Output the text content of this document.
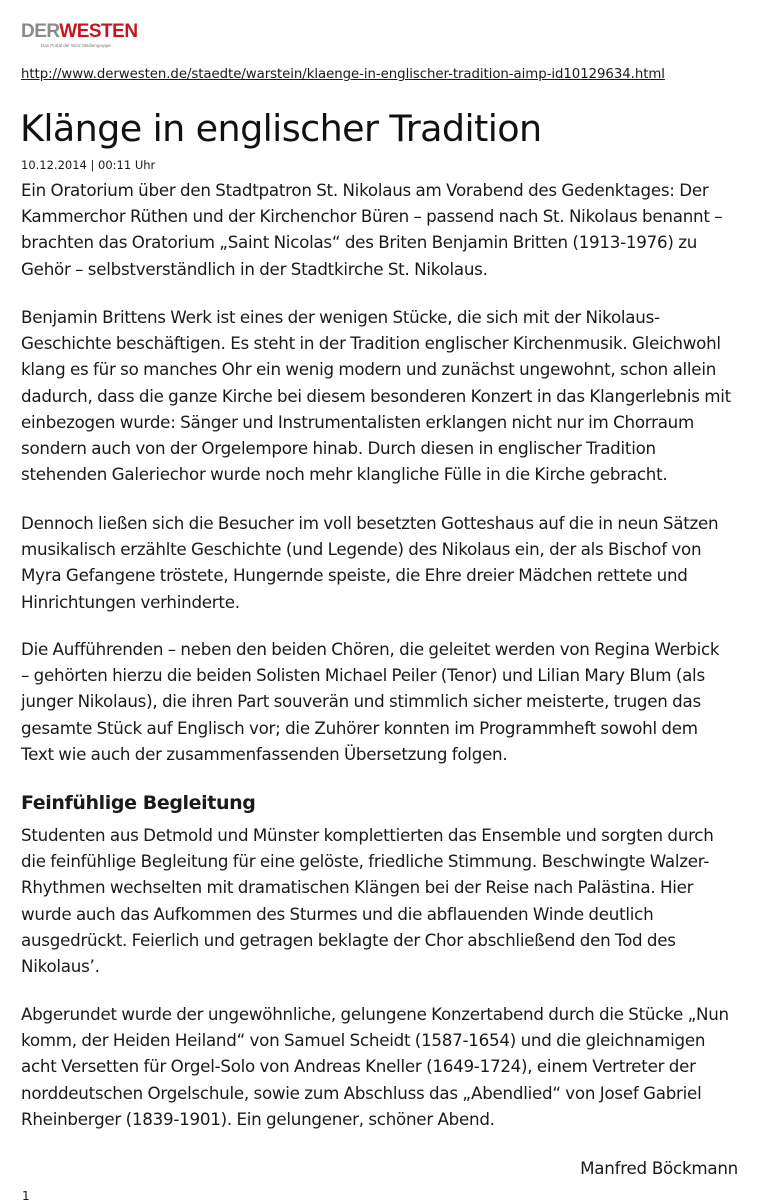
DERWESTEN
Das Portal der WAZ Mediengruppe
http://www.derwesten.de/staedte/warstein/klaenge-in-englischer-tradition-aimp-id10129634.html
Klänge in englischer Tradition
10.12.2014 | 00:11 Uhr

Ein Oratorium über den Stadtpatron St. Nikolaus am Vorabend des Gedenktages: Der
Kammerchor Rüthen und der Kirchenchor Büren – passend nach St. Nikolaus benannt –
brachten das Oratorium „Saint Nicolas“ des Briten Benjamin Britten (1913-1976) zu
Gehör – selbstverständlich in der Stadtkirche St. Nikolaus.

Benjamin Brittens Werk ist eines der wenigen Stücke, die sich mit der Nikolaus-
Geschichte beschäftigen. Es steht in der Tradition englischer Kirchenmusik. Gleichwohl
klang es für so manches Ohr ein wenig modern und zunächst ungewohnt, schon allein
dadurch, dass die ganze Kirche bei diesem besonderen Konzert in das Klangerlebnis mit
einbezogen wurde: Sänger und Instrumentalisten erklangen nicht nur im Chorraum
sondern auch von der Orgelempore hinab. Durch diesen in englischer Tradition
stehenden Galeriechor wurde noch mehr klangliche Fülle in die Kirche gebracht.

Dennoch ließen sich die Besucher im voll besetzten Gotteshaus auf die in neun Sätzen
musikalisch erzählte Geschichte (und Legende) des Nikolaus ein, der als Bischof von
Myra Gefangene tröstete, Hungernde speiste, die Ehre dreier Mädchen rettete und
Hinrichtungen verhinderte.

Die Aufführenden – neben den beiden Chören, die geleitet werden von Regina Werbick
– gehörten hierzu die beiden Solisten Michael Peiler (Tenor) und Lilian Mary Blum (als
junger Nikolaus), die ihren Part souverän und stimmlich sicher meisterte, trugen das
gesamte Stück auf Englisch vor; die Zuhörer konnten im Programmheft sowohl dem
Text wie auch der zusammenfassenden Übersetzung folgen.

Feinfühlige Begleitung

Studenten aus Detmold und Münster komplettierten das Ensemble und sorgten durch
die feinfühlige Begleitung für eine gelöste, friedliche Stimmung. Beschwingte Walzer-
Rhythmen wechselten mit dramatischen Klängen bei der Reise nach Palästina. Hier
wurde auch das Aufkommen des Sturmes und die abflauenden Winde deutlich
ausgedrückt. Feierlich und getragen beklagte der Chor abschließend den Tod des
Nikolaus’.

Abgerundet wurde der ungewöhnliche, gelungene Konzertabend durch die Stücke „Nun
komm, der Heiden Heiland“ von Samuel Scheidt (1587-1654) und die gleichnamigen
acht Versetten für Orgel-Solo von Andreas Kneller (1649-1724), einem Vertreter der
norddeutschen Orgelschule, sowie zum Abschluss das „Abendlied“ von Josef Gabriel
Rheinberger (1839-1901). Ein gelungener, schöner Abend.

Manfred Böckmann
1
